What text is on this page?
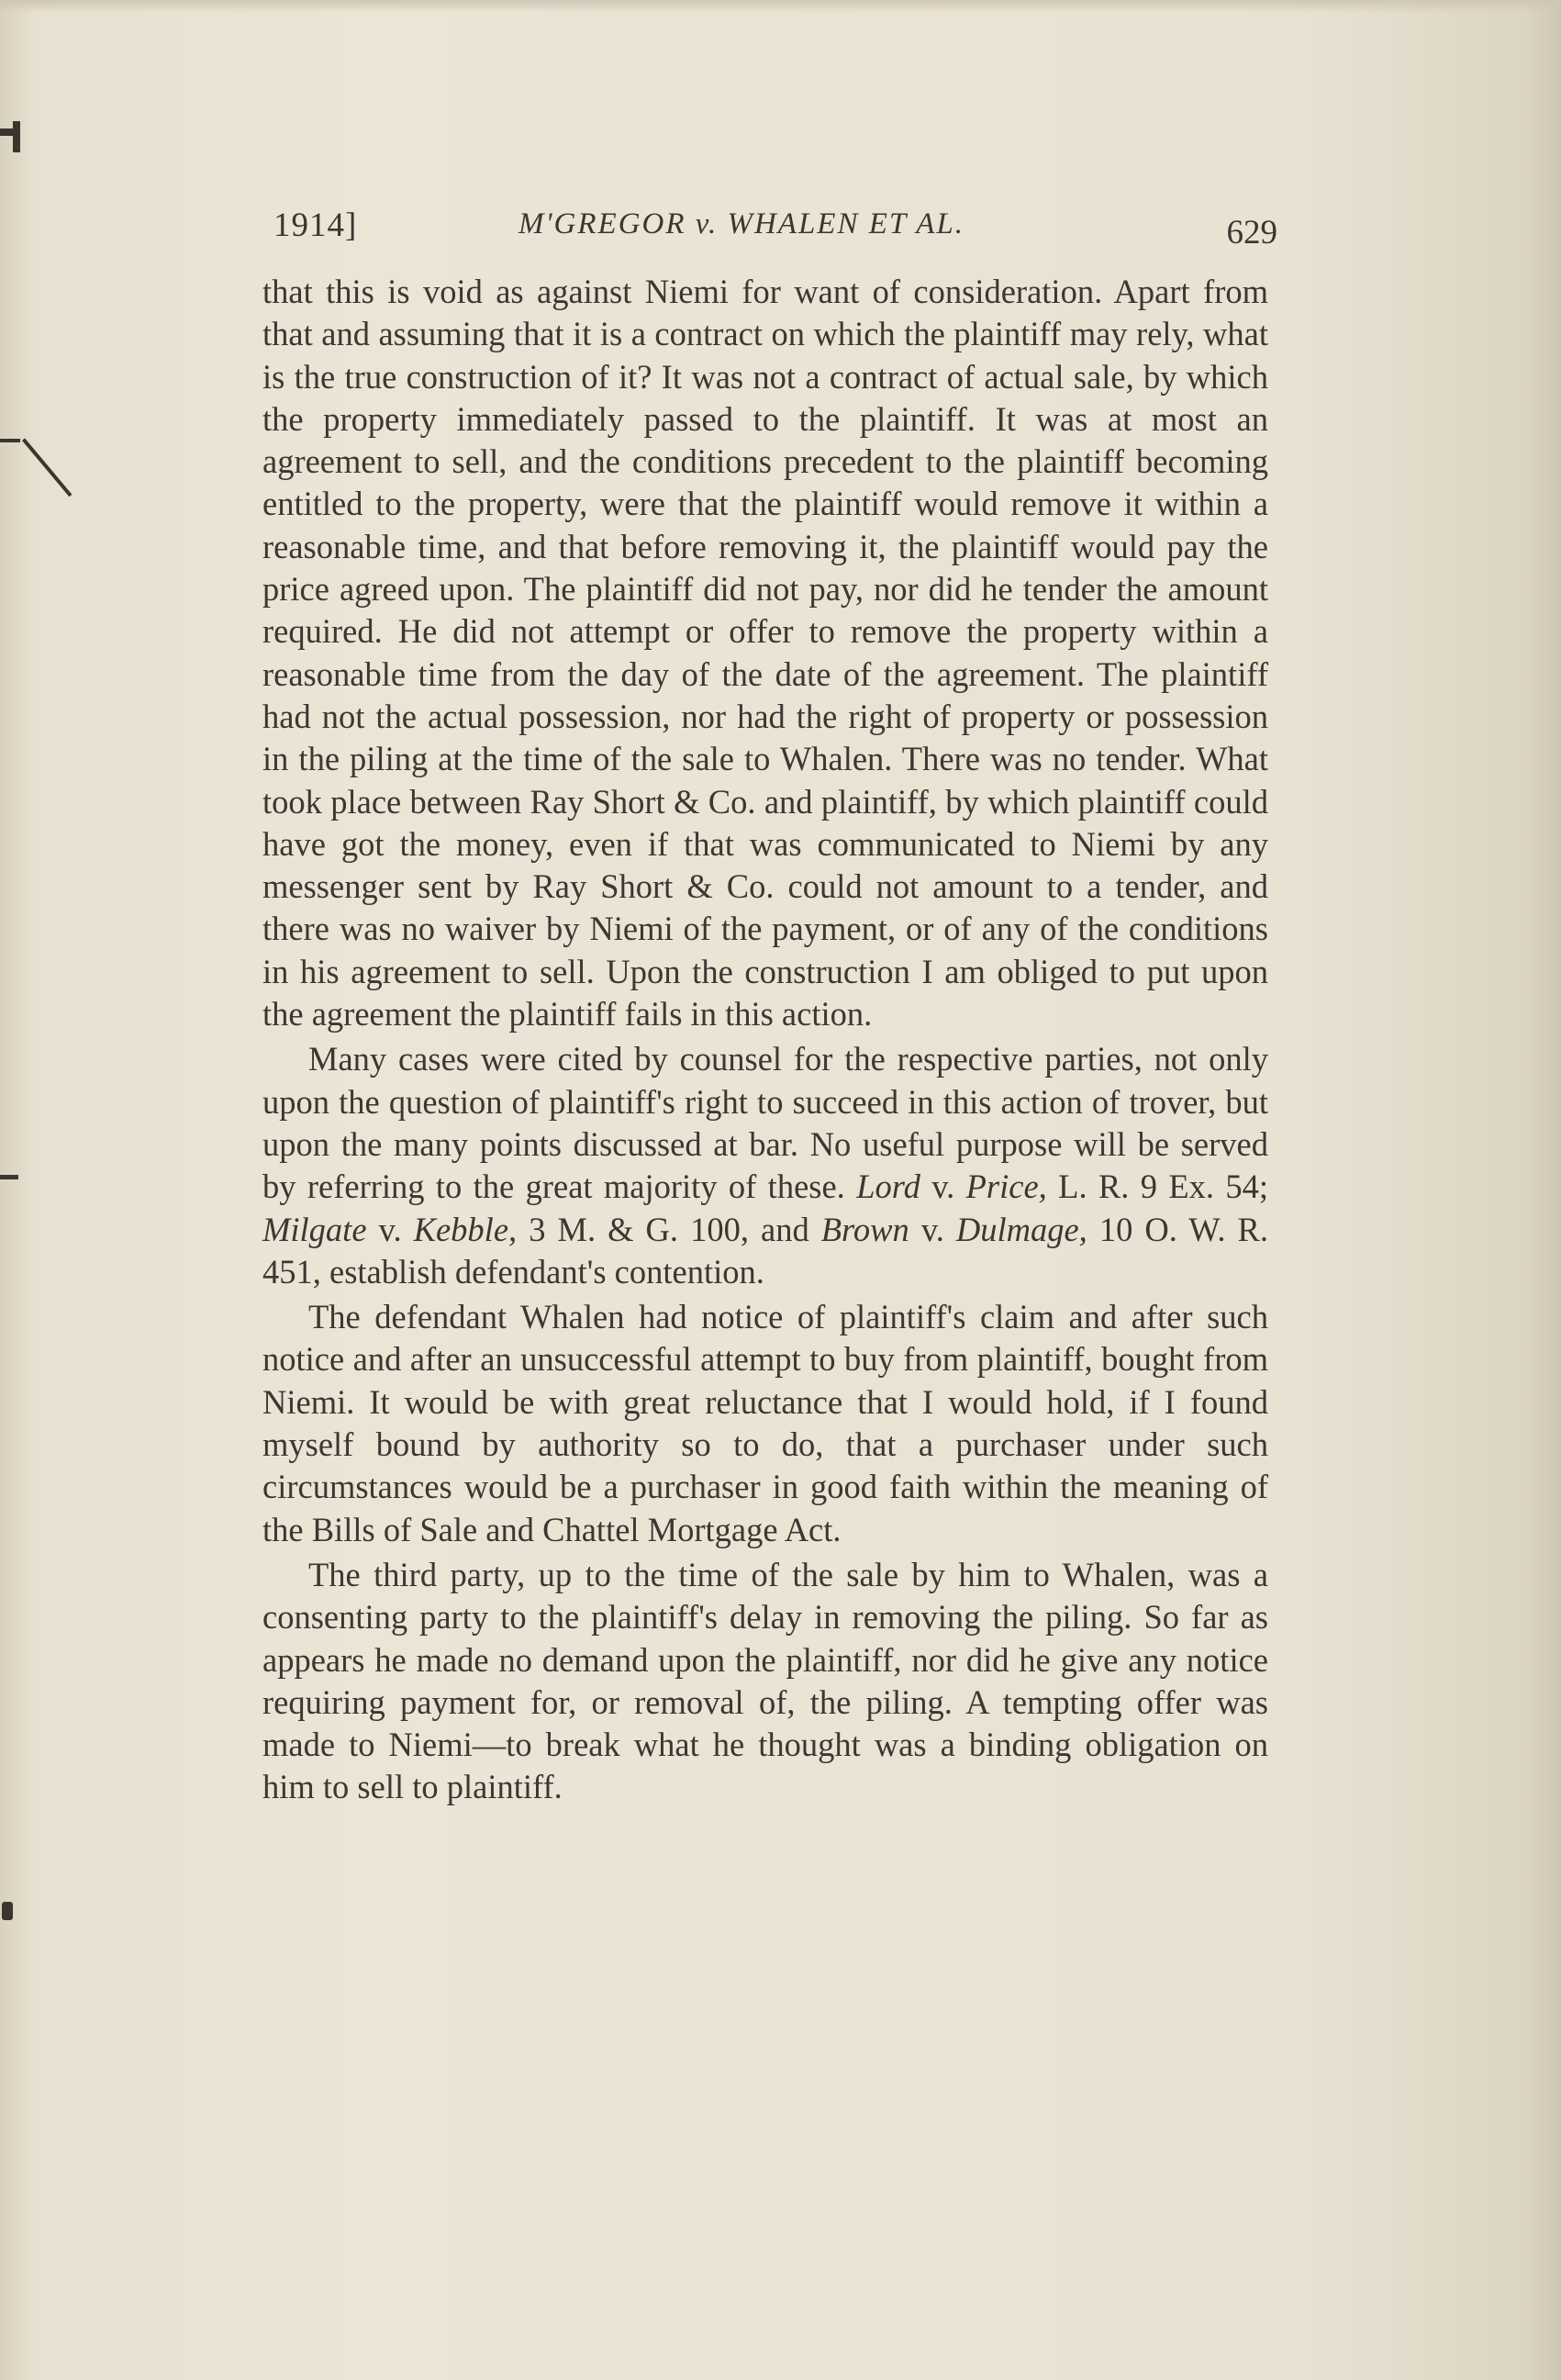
1914]	M'GREGOR v. WHALEN ET AL.	629

that this is void as against Niemi for want of consideration. Apart from that and assuming that it is a contract on which the plaintiff may rely, what is the true construction of it? It was not a contract of actual sale, by which the property immediately passed to the plaintiff. It was at most an agreement to sell, and the conditions precedent to the plaintiff becoming entitled to the property, were that the plaintiff would remove it within a reasonable time, and that before removing it, the plaintiff would pay the price agreed upon. The plaintiff did not pay, nor did he tender the amount required. He did not attempt or offer to remove the property within a reasonable time from the day of the date of the agreement. The plaintiff had not the actual possession, nor had the right of property or possession in the piling at the time of the sale to Whalen. There was no tender. What took place between Ray Short & Co. and plaintiff, by which plaintiff could have got the money, even if that was communicated to Niemi by any messenger sent by Ray Short & Co. could not amount to a tender, and there was no waiver by Niemi of the payment, or of any of the conditions in his agreement to sell. Upon the construction I am obliged to put upon the agreement the plaintiff fails in this action.

Many cases were cited by counsel for the respective parties, not only upon the question of plaintiff's right to succeed in this action of trover, but upon the many points discussed at bar. No useful purpose will be served by referring to the great majority of these. Lord v. Price, L. R. 9 Ex. 54; Milgate v. Kebble, 3 M. & G. 100, and Brown v. Dulmage, 10 O. W. R. 451, establish defendant's contention.

The defendant Whalen had notice of plaintiff's claim and after such notice and after an unsuccessful attempt to buy from plaintiff, bought from Niemi. It would be with great reluctance that I would hold, if I found myself bound by authority so to do, that a purchaser under such circumstances would be a purchaser in good faith within the meaning of the Bills of Sale and Chattel Mortgage Act.

The third party, up to the time of the sale by him to Whalen, was a consenting party to the plaintiff's delay in removing the piling. So far as appears he made no demand upon the plaintiff, nor did he give any notice requiring payment for, or removal of, the piling. A tempting offer was made to Niemi—to break what he thought was a binding obligation on him to sell to plaintiff.
